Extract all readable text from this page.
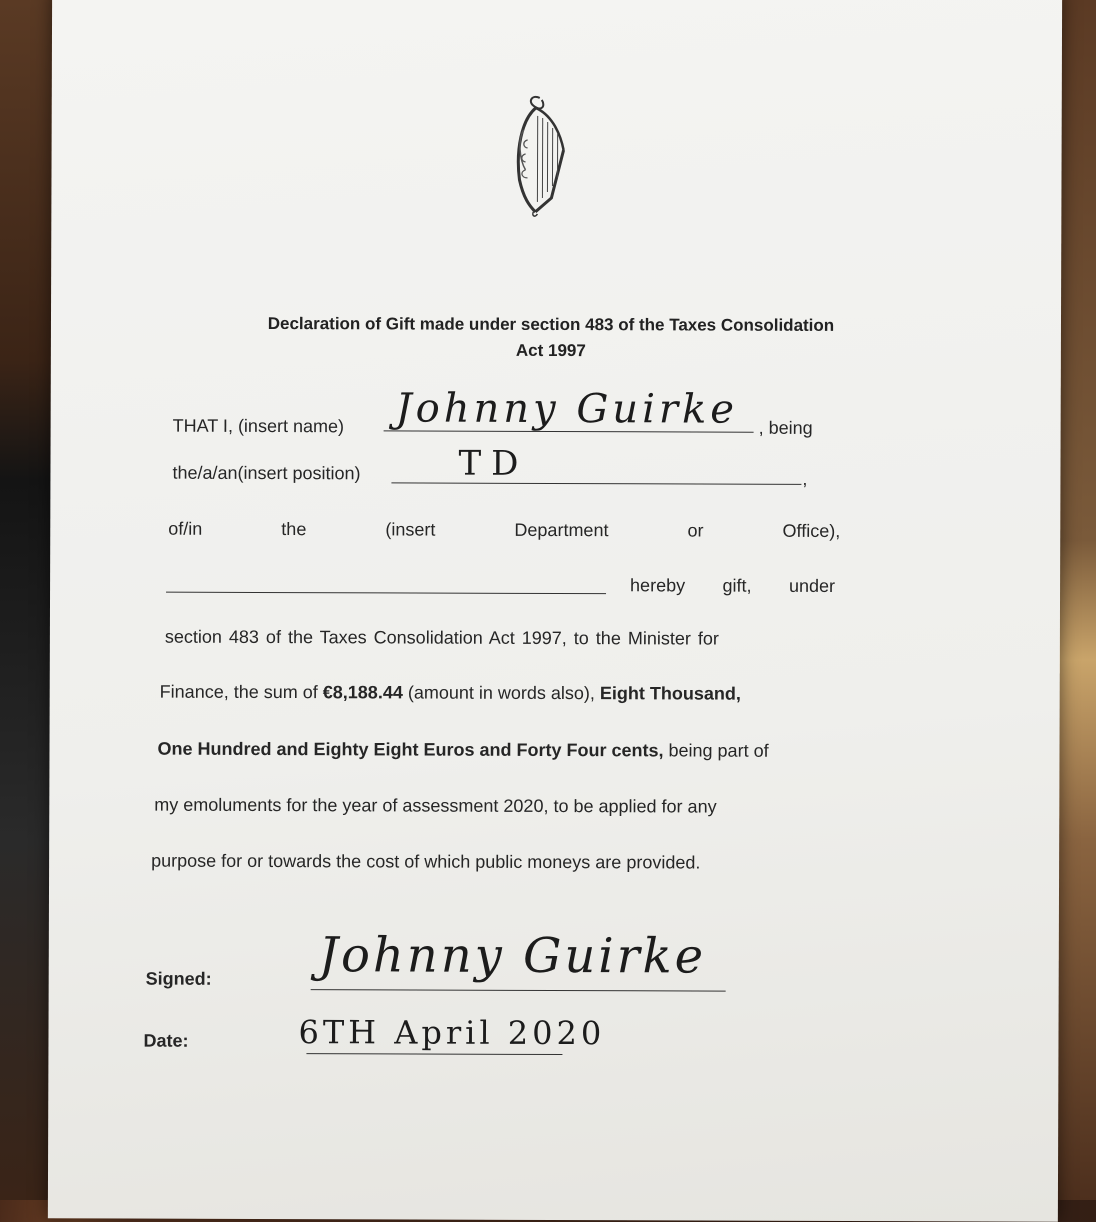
Declaration of Gift made under section 483 of the Taxes Consolidation
Act 1997
THAT I, (insert name) Johnny Guirke , being
the/a/an(insert position)	TD	,
of/in	the	(insert	Department	or	Office),
hereby gift, under
section 483 of the Taxes Consolidation Act 1997, to the Minister for
Finance, the sum of €8,188.44 (amount in words also), Eight Thousand,
One Hundred and Eighty Eight Euros and Forty Four cents, being part of
my emoluments for the year of assessment 2020, to be applied for any
purpose for or towards the cost of which public moneys are provided.
Signed: Johnny Guirke
Date:	6TH April 2020
